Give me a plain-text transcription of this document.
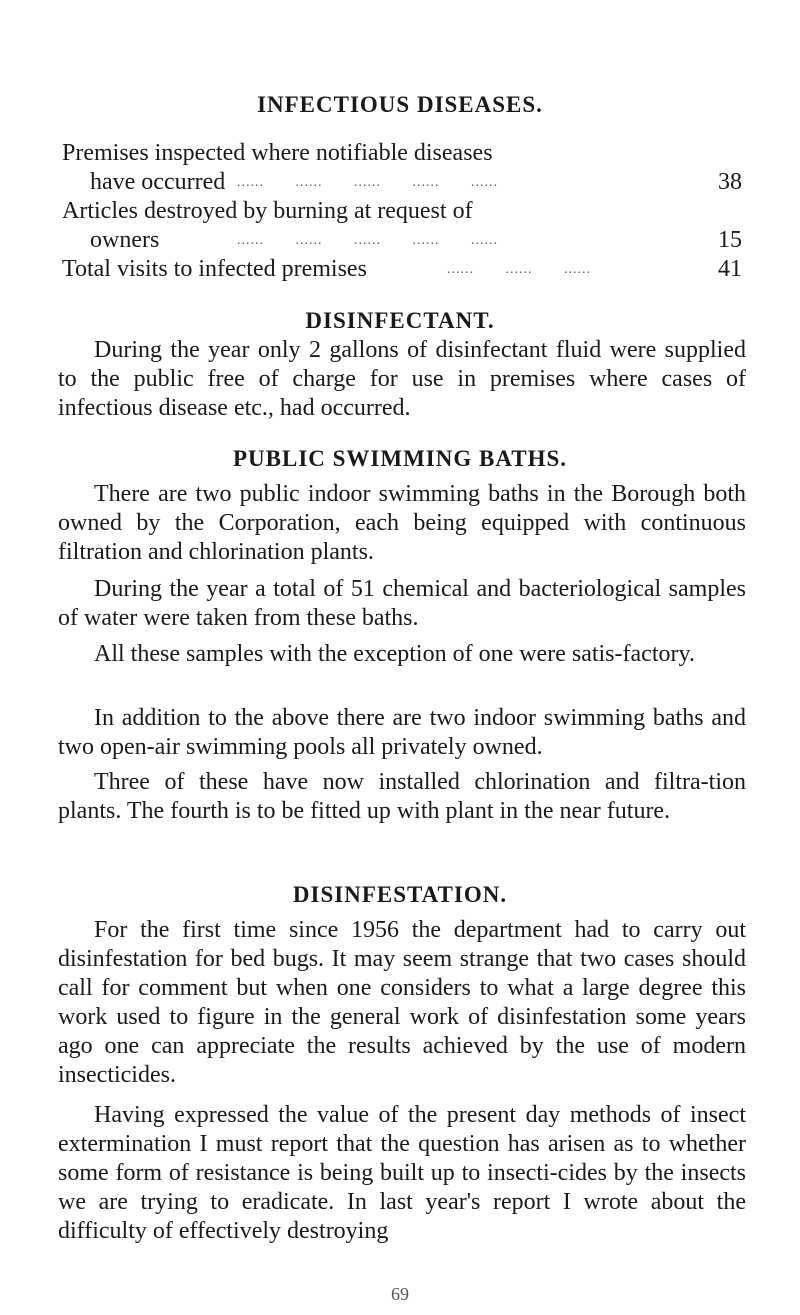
INFECTIOUS DISEASES.
Premises inspected where notifiable diseases
have occurred ......       ......       ......       ......       ......	38
Articles destroyed by burning at request of
owners	......       ......       ......       ......       ......	15
Total visits to infected premises	......       ......       ......	41
DISINFECTANT.
During the year only 2 gallons of disinfectant fluid were supplied to the public free of charge for use in premises where cases of infectious disease etc., had occurred.
PUBLIC SWIMMING BATHS.
There are two public indoor swimming baths in the Borough both owned by the Corporation, each being equipped with continuous filtration and chlorination plants.
During the year a total of 51 chemical and bacteriological samples of water were taken from these baths.
All these samples with the exception of one were satis-factory.
In addition to the above there are two indoor swimming baths and two open-air swimming pools all privately owned.
Three of these have now installed chlorination and filtra-tion plants. The fourth is to be fitted up with plant in the near future.
DISINFESTATION.
For the first time since 1956 the department had to carry out disinfestation for bed bugs. It may seem strange that two cases should call for comment but when one considers to what a large degree this work used to figure in the general work of disinfestation some years ago one can appreciate the results achieved by the use of modern insecticides.
Having expressed the value of the present day methods of insect extermination I must report that the question has arisen as to whether some form of resistance is being built up to insecti-cides by the insects we are trying to eradicate. In last year's report I wrote about the difficulty of effectively destroying
69
